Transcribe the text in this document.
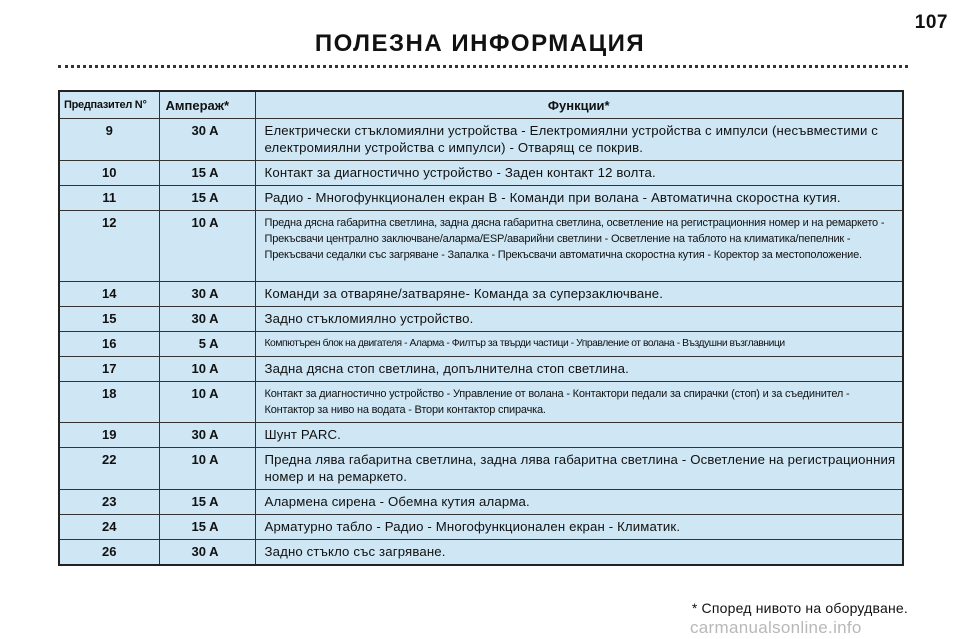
107
ПОЛЕЗНА ИНФОРМАЦИЯ
Предпазител N°	Ампераж*	Функции*
9	30 A	Електрически стъкломиялни устройства - Електромиялни устройства с импулси (несъвместими с електромиялни устройства с импулси) - Отварящ се покрив.
10	15 A	Контакт за диагностично устройство - Заден контакт 12 волта.
11	15 A	Радио - Многофункционален екран B - Команди при волана - Автоматична скоростна кутия.
12	10 A	Предна дясна габаритна светлина, задна дясна габаритна светлина, осветление на регистрационния номер и на ремаркето - Прекъсвачи централно заключване/аларма/ESP/аварийни светлини - Осветление на таблото на климатика/пепелник - Прекъсвачи седалки със загряване - Запалка - Прекъсвачи автоматична скоростна кутия - Коректор за местоположение.
14	30 A	Команди за отваряне/затваряне- Команда за суперзаключване.
15	30 A	Задно стъкломиялно устройство.
16	5 A	Компютърен блок на двигателя - Аларма - Филтър за твърди частици - Управление от волана - Въздушни възглавници
17	10 A	Задна дясна стоп светлина, допълнителна стоп светлина.
18	10 A	Контакт за диагностично устройство - Управление от волана - Контактори педали за спирачки (стоп) и за съединител - Контактор за ниво на водата - Втори контактор спирачка.
19	30 A	Шунт PARC.
22	10 A	Предна лява габаритна светлина, задна лява габаритна светлина - Осветление на регистрационния номер и на ремаркето.
23	15 A	Алармена сирена - Обемна кутия аларма.
24	15 A	Арматурно табло - Радио - Многофункционален екран - Климатик.
26	30 A	Задно стъкло със загряване.
* Според нивото на оборудване.
carmanualsonline.info
